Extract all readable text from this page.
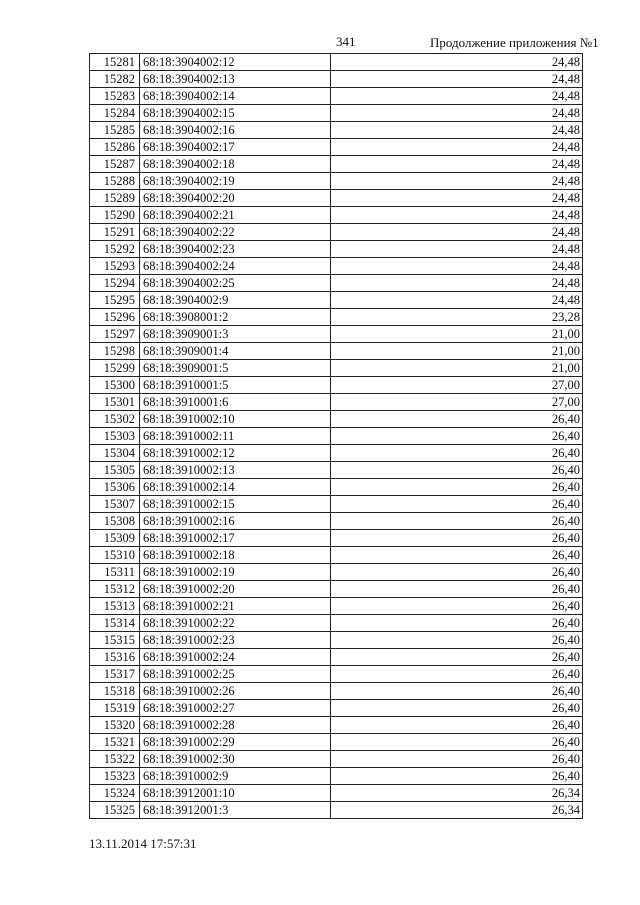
341	Продолжение приложения №1
15281	68:18:3904002:12	24,48
15282	68:18:3904002:13	24,48
15283	68:18:3904002:14	24,48
15284	68:18:3904002:15	24,48
15285	68:18:3904002:16	24,48
15286	68:18:3904002:17	24,48
15287	68:18:3904002:18	24,48
15288	68:18:3904002:19	24,48
15289	68:18:3904002:20	24,48
15290	68:18:3904002:21	24,48
15291	68:18:3904002:22	24,48
15292	68:18:3904002:23	24,48
15293	68:18:3904002:24	24,48
15294	68:18:3904002:25	24,48
15295	68:18:3904002:9	24,48
15296	68:18:3908001:2	23,28
15297	68:18:3909001:3	21,00
15298	68:18:3909001:4	21,00
15299	68:18:3909001:5	21,00
15300	68:18:3910001:5	27,00
15301	68:18:3910001:6	27,00
15302	68:18:3910002:10	26,40
15303	68:18:3910002:11	26,40
15304	68:18:3910002:12	26,40
15305	68:18:3910002:13	26,40
15306	68:18:3910002:14	26,40
15307	68:18:3910002:15	26,40
15308	68:18:3910002:16	26,40
15309	68:18:3910002:17	26,40
15310	68:18:3910002:18	26,40
15311	68:18:3910002:19	26,40
15312	68:18:3910002:20	26,40
15313	68:18:3910002:21	26,40
15314	68:18:3910002:22	26,40
15315	68:18:3910002:23	26,40
15316	68:18:3910002:24	26,40
15317	68:18:3910002:25	26,40
15318	68:18:3910002:26	26,40
15319	68:18:3910002:27	26,40
15320	68:18:3910002:28	26,40
15321	68:18:3910002:29	26,40
15322	68:18:3910002:30	26,40
15323	68:18:3910002:9	26,40
15324	68:18:3912001:10	26,34
15325	68:18:3912001:3	26,34
13.11.2014 17:57:31
